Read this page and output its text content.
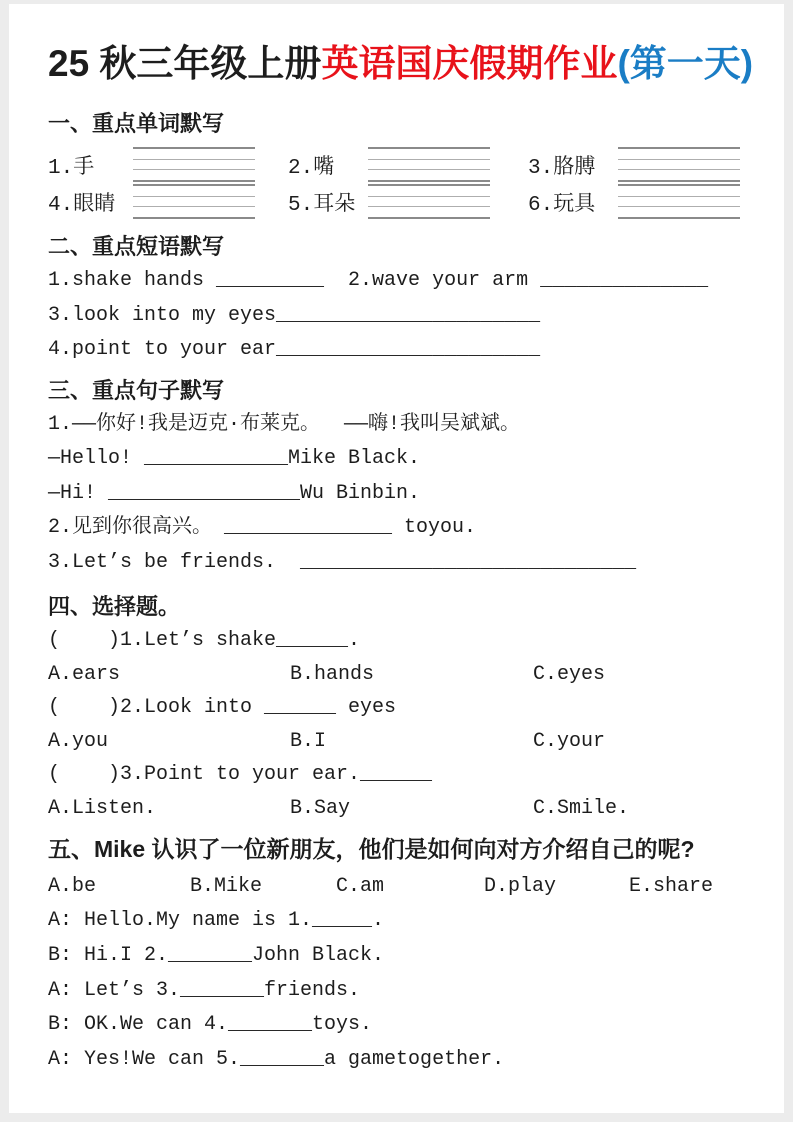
25 秋三年级上册英语国庆假期作业(第一天)
一、重点单词默写
1.手	2.嘴	3.胳膊
4.眼睛	5.耳朵	6.玩具
二、重点短语默写
1.shake hands _________  2.wave your arm ______________
3.look into my eyes______________________
4.point to your ear______________________
三、重点句子默写
1.——你好!我是迈克·布莱克。  ——嗨!我叫吴斌斌。
—Hello! ____________Mike Black.
—Hi! ________________Wu Binbin.
2.见到你很高兴。 ______________ toyou.
3.Let’s be friends.  ____________________________
四、选择题。
(    )1.Let’s shake______.
A.ears	B.hands	C.eyes
(    )2.Look into ______ eyes
A.you	B.I	C.your
(    )3.Point to your ear.______
A.Listen.	B.Say	C.Smile.
五、Mike 认识了一位新朋友，他们是如何向对方介绍自己的呢?
A.be	B.Mike	C.am	D.play	E.share
A: Hello.My name is 1._____.
B: Hi.I 2._______John Black.
A: Let’s 3._______friends.
B: OK.We can 4._______toys.
A: Yes!We can 5._______a gametogether.
